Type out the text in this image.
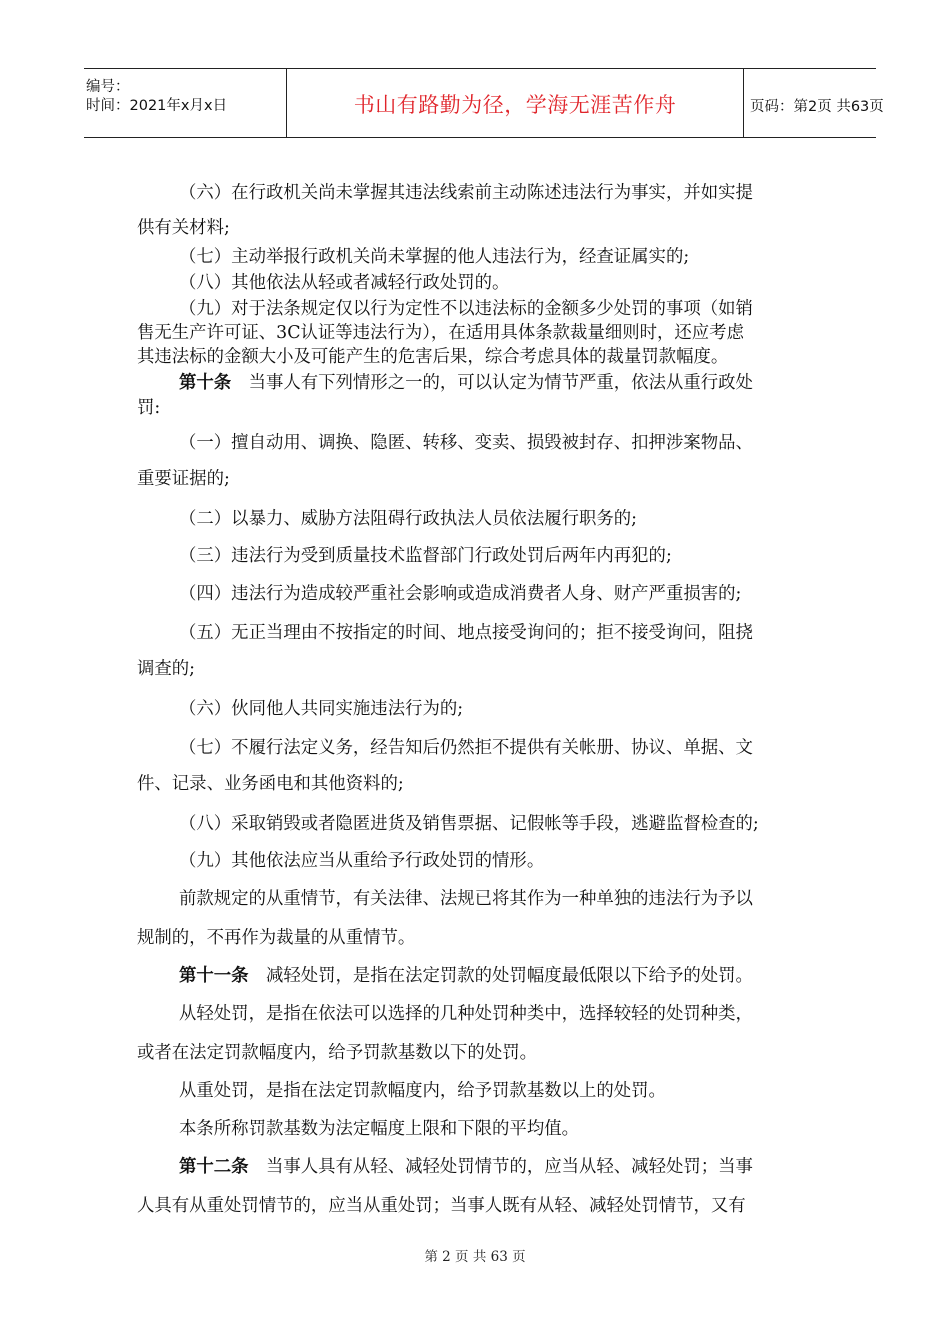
编号：
时间：2021年x月x日	书山有路勤为径，学海无涯苦作舟	页码：第2页 共63页
（六）在行政机关尚未掌握其违法线索前主动陈述违法行为事实，并如实提
供有关材料;
（七）主动举报行政机关尚未掌握的他人违法行为，经查证属实的;
（八）其他依法从轻或者减轻行政处罚的。
（九）对于法条规定仅以行为定性不以违法标的金额多少处罚的事项（如销
售无生产许可证、3C认证等违法行为），在适用具体条款裁量细则时，还应考虑
其违法标的金额大小及可能产生的危害后果，综合考虑具体的裁量罚款幅度。
第十条　当事人有下列情形之一的，可以认定为情节严重，依法从重行政处
罚:
（一）擅自动用、调换、隐匿、转移、变卖、损毁被封存、扣押涉案物品、
重要证据的;
（二）以暴力、威胁方法阻碍行政执法人员依法履行职务的;
（三）违法行为受到质量技术监督部门行政处罚后两年内再犯的;
（四）违法行为造成较严重社会影响或造成消费者人身、财产严重损害的;
（五）无正当理由不按指定的时间、地点接受询问的；拒不接受询问，阻挠
调查的;
（六）伙同他人共同实施违法行为的;
（七）不履行法定义务，经告知后仍然拒不提供有关帐册、协议、单据、文
件、记录、业务函电和其他资料的;
（八）采取销毁或者隐匿进货及销售票据、记假帐等手段，逃避监督检查的;
（九）其他依法应当从重给予行政处罚的情形。
前款规定的从重情节，有关法律、法规已将其作为一种单独的违法行为予以
规制的，不再作为裁量的从重情节。
第十一条　减轻处罚，是指在法定罚款的处罚幅度最低限以下给予的处罚。
从轻处罚，是指在依法可以选择的几种处罚种类中，选择较轻的处罚种类，
或者在法定罚款幅度内，给予罚款基数以下的处罚。
从重处罚，是指在法定罚款幅度内，给予罚款基数以上的处罚。
本条所称罚款基数为法定幅度上限和下限的平均值。
第十二条　当事人具有从轻、减轻处罚情节的，应当从轻、减轻处罚；当事
人具有从重处罚情节的，应当从重处罚；当事人既有从轻、减轻处罚情节，又有
第 2 页 共 63 页
